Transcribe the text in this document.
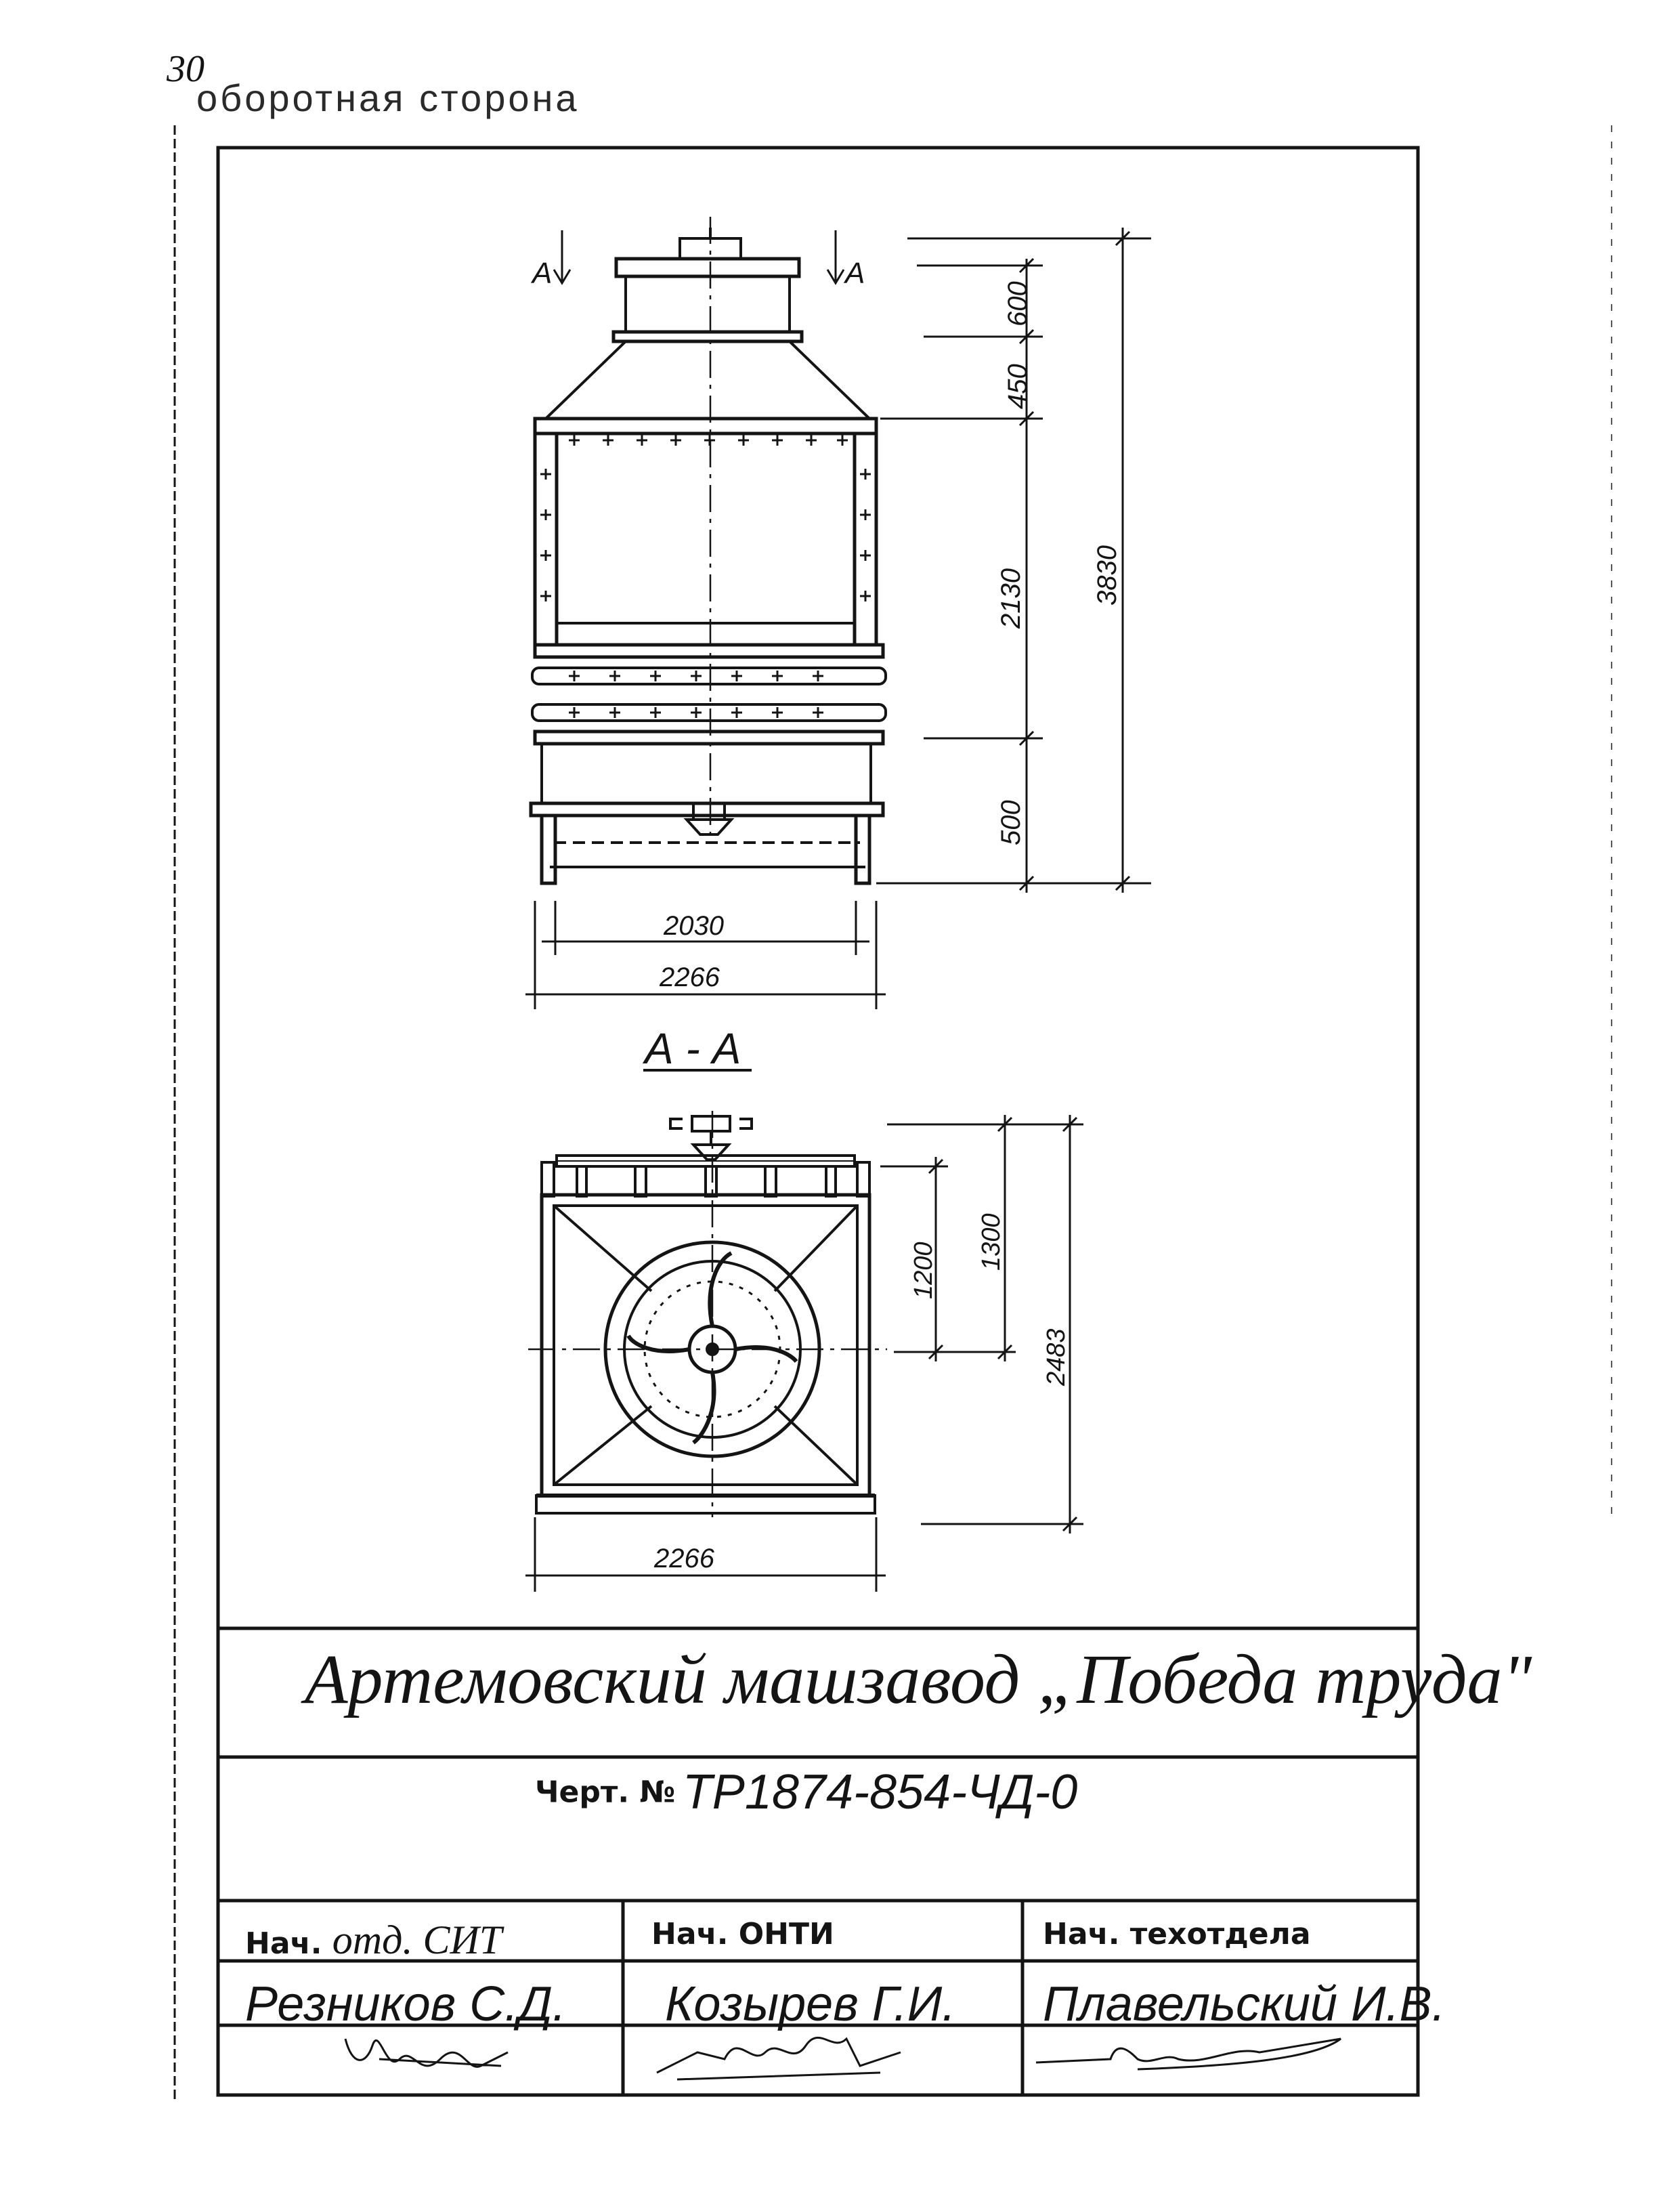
30
оборотная сторона
A	A
600
450
2130
500
3830
2030
2266
А - А
1200 1300
2483
2266
Артемовский машзавод „Победа труда"
Черт. № ТР1874-854-ЧД-0
Нач. отд. СИТ	Нач. ОНТИ	Нач. техотдела
Резников С.Д. Козырев Г.И. Плавельский И.В.
